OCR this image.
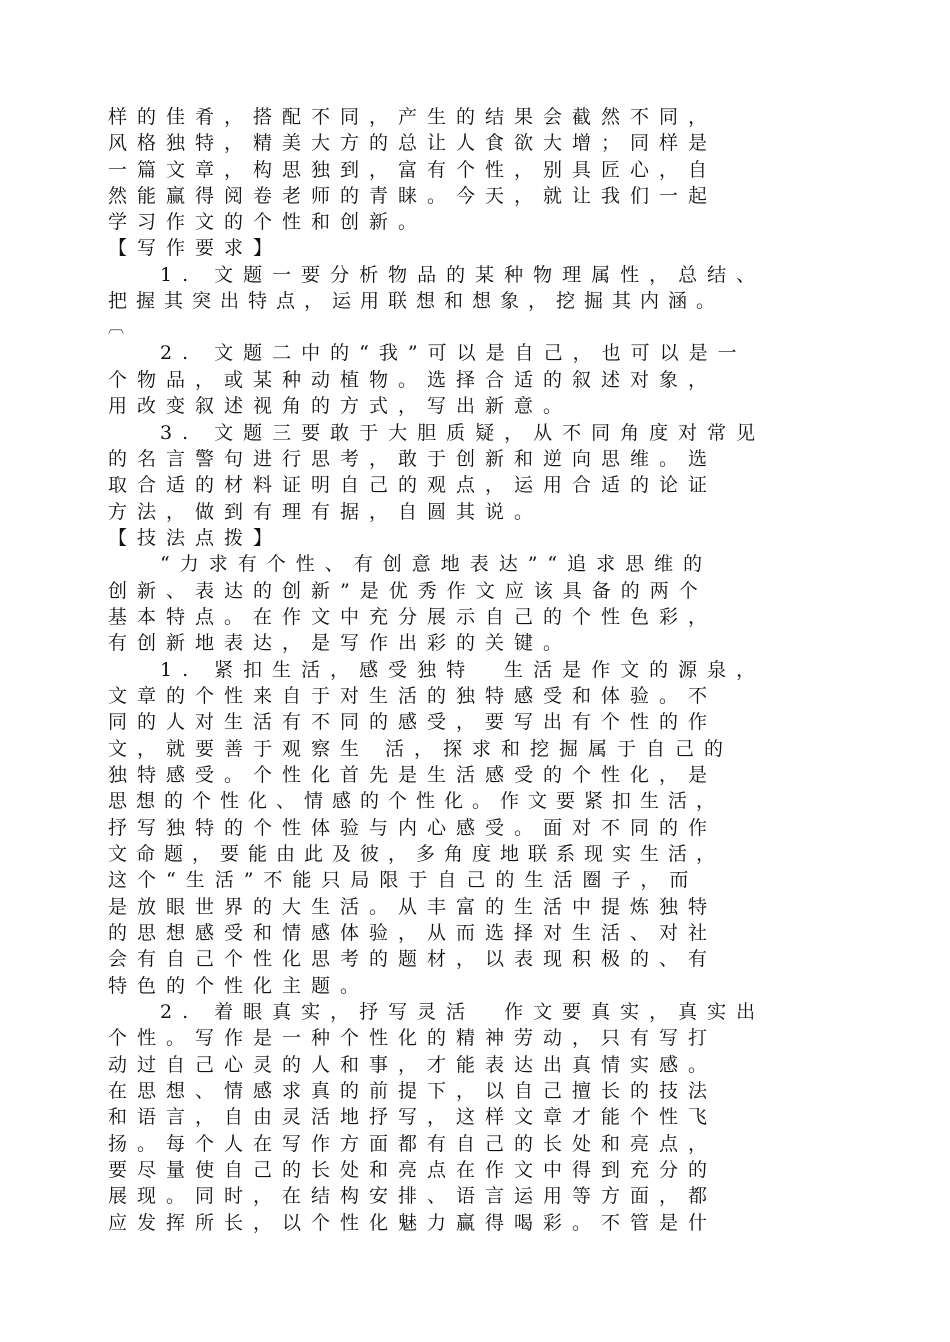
样的佳肴，搭配不同，产生的结果会截然不同，

风格独特，精美大方的总让人食欲大增；同样是

一篇文章，构思独到，富有个性，别具匠心，自

然能赢得阅卷老师的青睐。今天，就让我们一起

学习作文的个性和创新。

【写作要求】

1. 文题一要分析物品的某种物理属性，总结、

把握其突出特点，运用联想和想象，挖掘其内涵。

︹

2. 文题二中的“我”可以是自己，也可以是一

个物品，或某种动植物。选择合适的叙述对象，

用改变叙述视角的方式，写出新意。

3. 文题三要敢于大胆质疑，从不同角度对常见

的名言警句进行思考，敢于创新和逆向思维。选

取合适的材料证明自己的观点，运用合适的论证

方法，做到有理有据，自圆其说。

【技法点拨】

“力求有个性、有创意地表达”“追求思维的

创新、表达的创新”是优秀作文应该具备的两个

基本特点。在作文中充分展示自己的个性色彩，

有创新地表达，是写作出彩的关键。

1. 紧扣生活，感受独特　生活是作文的源泉，

文章的个性来自于对生活的独特感受和体验。不

同的人对生活有不同的感受，要写出有个性的作

文，就要善于观察生 活，探求和挖掘属于自己的

独特感受。个性化首先是生活感受的个性化，是

思想的个性化、情感的个性化。作文要紧扣生活，

抒写独特的个性体验与内心感受。面对不同的作

文命题，要能由此及彼，多角度地联系现实生活，

这个“生活”不能只局限于自己的生活圈子，而

是放眼世界的大生活。从丰富的生活中提炼独特

的思想感受和情感体验，从而选择对生活、对社

会有自己个性化思考的题材，以表现积极的、有

特色的个性化主题。

2. 着眼真实，抒写灵活　作文要真实，真实出

个性。写作是一种个性化的精神劳动，只有写打

动过自己心灵的人和事，才能表达出真情实感。

在思想、情感求真的前提下，以自己擅长的技法

和语言，自由灵活地抒写，这样文章才能个性飞

扬。每个人在写作方面都有自己的长处和亮点，

要尽量使自己的长处和亮点在作文中得到充分的

展现。同时，在结构安排、语言运用等方面，都

应发挥所长，以个性化魅力赢得喝彩。不管是什
